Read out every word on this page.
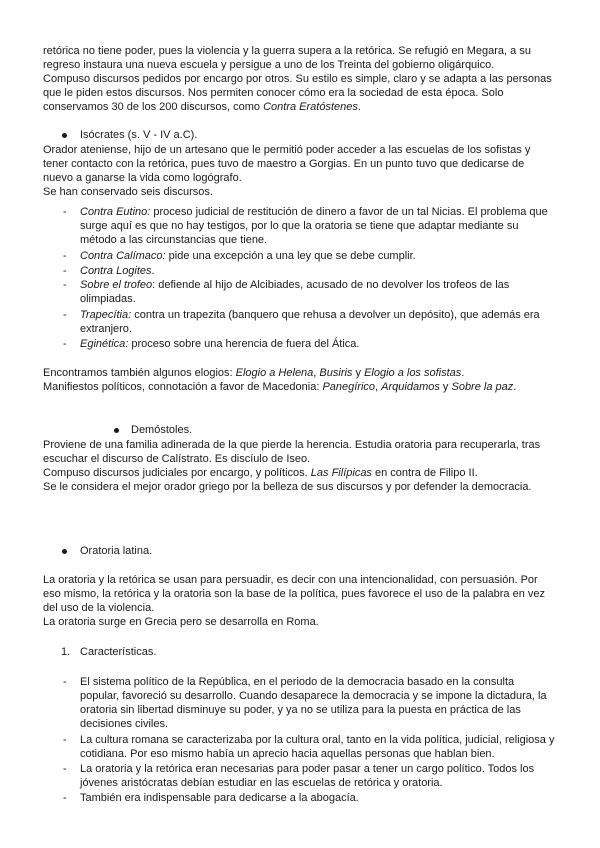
retórica no tiene poder, pues la violencia y la guerra supera a la retórica. Se refugió en Megara, a su
regreso instaura una nueva escuela y persigue a uno de los Treinta del gobierno oligárquico.
Compuso discursos pedidos por encargo por otros. Su estilo es simple, claro y se adapta a las personas
que le piden estos discursos. Nos permiten conocer cómo era la sociedad de esta época. Solo
conservamos 30 de los 200 discursos, como Contra Eratóstenes.
Isócrates (s. V - IV a.C).
Orador ateniense, hijo de un artesano que le permitió poder acceder a las escuelas de los sofistas y
tener contacto con la retórica, pues tuvo de maestro a Gorgias. En un punto tuvo que dedicarse de
nuevo a ganarse la vida como logógrafo.
Se han conservado seis discursos.
-	Contra Eutino: proceso judicial de restitución de dinero a favor de un tal Nicias. El problema que
surge aquí es que no hay testigos, por lo que la oratoria se tiene que adaptar mediante su
método a las circunstancias que tiene.
-	Contra Calímaco: pide una excepción a una ley que se debe cumplir.
-	Contra Logites.
-	Sobre el trofeo: defiende al hijo de Alcibiades, acusado de no devolver los trofeos de las
olimpiadas.
-	Trapecítia: contra un trapezita (banquero que rehusa a devolver un depósito), que además era
extranjero.
-	Eginética: proceso sobre una herencia de fuera del Ática.
Encontramos también algunos elogios: Elogio a Helena, Busiris y Elogio a los sofistas.
Manifiestos políticos, connotación a favor de Macedonia: Panegírico, Arquidamos y Sobre la paz.
Demóstoles.
Proviene de una familia adinerada de la que pierde la herencia. Estudia oratoria para recuperarla, tras
escuchar el discurso de Calístrato. Es discíulo de Iseo.
Compuso discursos judiciales por encargo, y políticos. Las Filípicas en contra de Filipo II.
Se le considera el mejor orador griego por la belleza de sus discursos y por defender la democracia.
Oratoria latina.
La oratoria y la retórica se usan para persuadir, es decir con una intencionalidad, con persuasión. Por
eso mismo, la retórica y la oratoria son la base de la política, pues favorece el uso de la palabra en vez
del uso de la violencia.
La oratoria surge en Grecia pero se desarrolla en Roma.
1. Características.
-	El sistema político de la República, en el periodo de la democracia basado en la consulta
popular, favoreció su desarrollo. Cuando desaparece la democracia y se impone la dictadura, la
oratoria sin libertad disminuye su poder, y ya no se utiliza para la puesta en práctica de las
decisiones civiles.
-	La cultura romana se caracterizaba por la cultura oral, tanto en la vida política, judicial, religiosa y
cotidiana. Por eso mismo había un aprecio hacia aquellas personas que hablan bien.
-	La oratoria y la retórica eran necesarias para poder pasar a tener un cargo político. Todos los
jóvenes aristócratas debían estudiar en las escuelas de retórica y oratoria.
-	También era indispensable para dedicarse a la abogacía.
